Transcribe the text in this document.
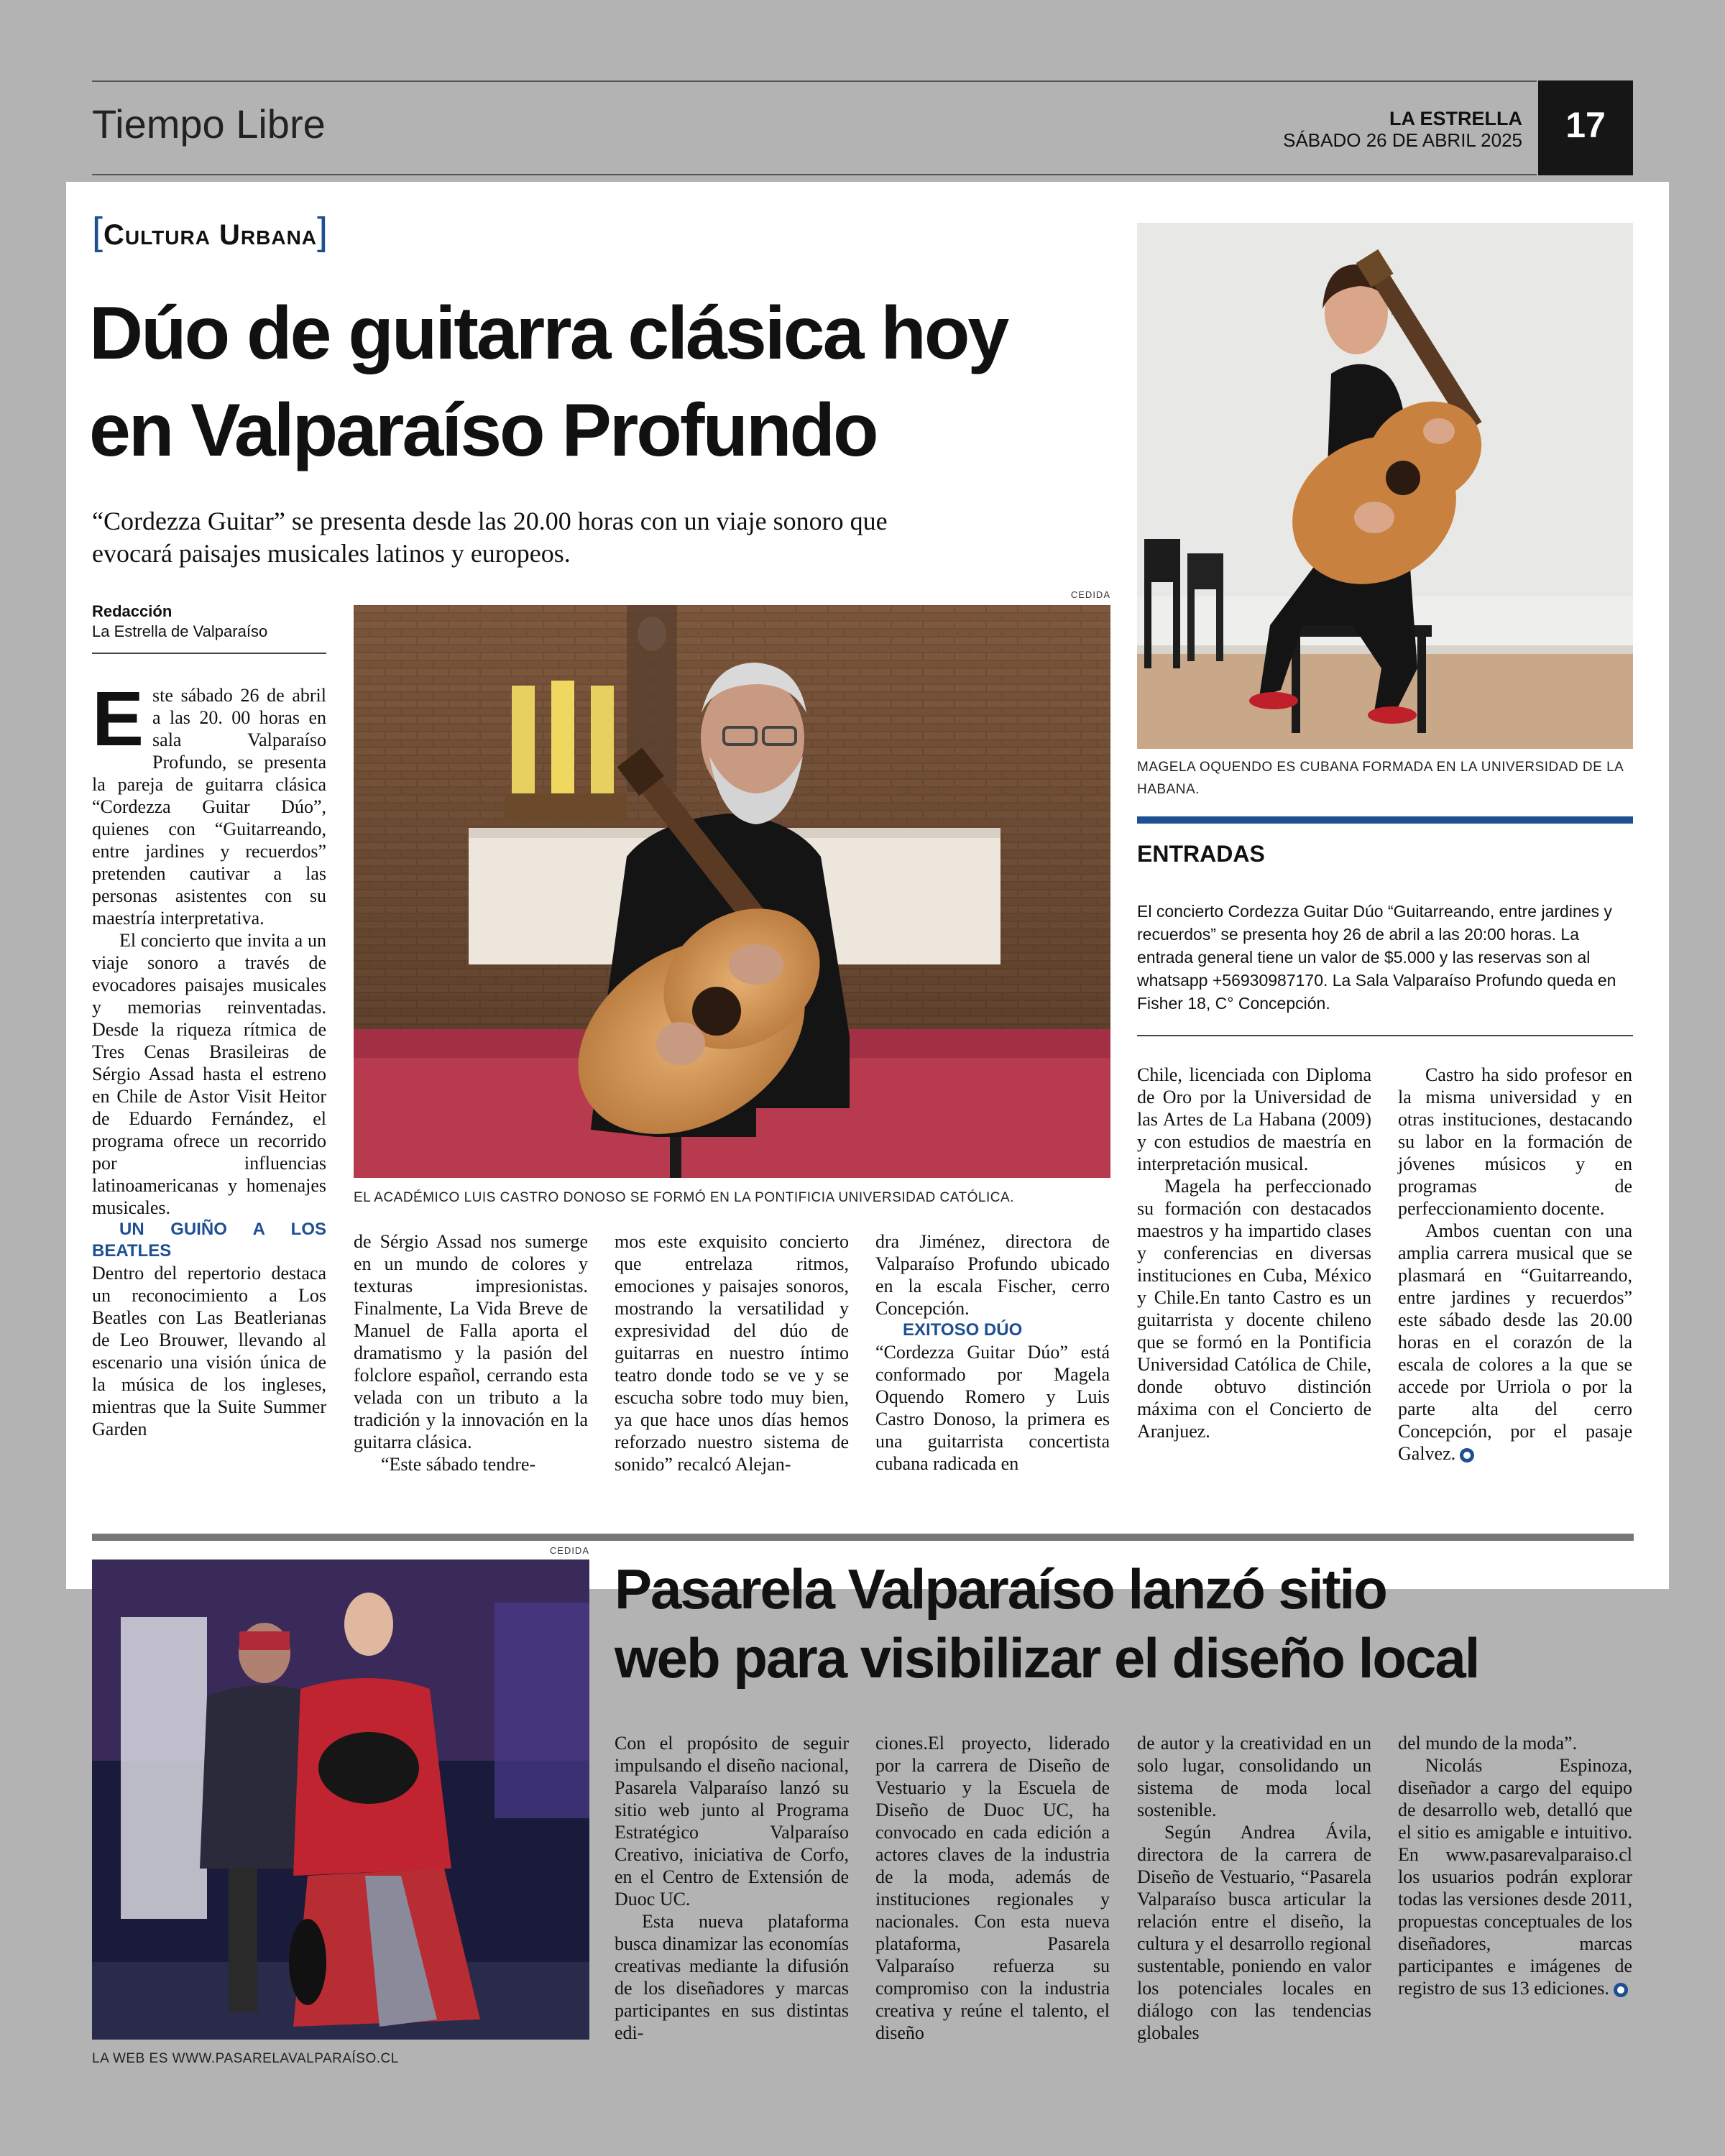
Tiempo Libre	LA ESTRELLA
SÁBADO 26 DE ABRIL 2025	17
[Cultura Urbana]
Dúo de guitarra clásica hoy
en Valparaíso Profundo
“Cordezza Guitar” se presenta desde las 20.00 horas con un viaje sonoro que
evocará paisajes musicales latinos y europeos.
Redacción
La Estrella de Valparaíso
CEDIDA
EL ACADÉMICO LUIS CASTRO DONOSO SE FORMÓ EN LA PONTIFICIA UNIVERSIDAD CATÓLICA.
MAGELA OQUENDO ES CUBANA FORMADA EN LA UNIVERSIDAD DE LA HABANA.
ENTRADAS
El concierto Cordezza Guitar Dúo “Guitarreando, entre jardines y recuerdos” se presenta hoy 26 de abril a las 20:00 horas. La entrada general tiene un valor de $5.000 y las reservas son al whatsapp +56930987170. La Sala Valparaíso Profundo queda en Fisher 18, C° Concepción.

Este sábado 26 de abril a las 20. 00 horas en sala Valparaíso Profundo, se presenta la pareja de guitarra clásica “Cordezza Guitar Dúo”, quienes con “Guitarreando, entre jardines y recuerdos” pretenden cautivar a las personas asistentes con su maestría interpretativa.

El concierto que invita a un viaje sonoro a través de evocadores paisajes musicales y memorias reinventadas. Desde la riqueza rítmica de Tres Cenas Brasileiras de Sérgio Assad hasta el estreno en Chile de Astor Visit Heitor de Eduardo Fernández, el programa ofrece un recorrido por influencias latinoamericanas y homenajes musicales.

UN GUIÑO A LOS BEATLES

Dentro del repertorio destaca un reconocimiento a Los Beatles con Las Beatlerianas de Leo Brouwer, llevando al escenario una visión única de la música de los ingleses, mientras que la Suite Summer Garden

de Sérgio Assad nos sumerge en un mundo de colores y texturas impresionistas. Finalmente, La Vida Breve de Manuel de Falla aporta el dramatismo y la pasión del folclore español, cerrando esta velada con un tributo a la tradición y la innovación en la guitarra clásica.

“Este sábado tendre-

mos este exquisito concierto que entrelaza ritmos, emociones y paisajes sonoros, mostrando la versatilidad y expresividad del dúo de guitarras en nuestro íntimo teatro donde todo se ve y se escucha sobre todo muy bien, ya que hace unos días hemos reforzado nuestro sistema de sonido” recalcó Alejan-

dra Jiménez, directora de Valparaíso Profundo ubicado en la escala Fischer, cerro Concepción.

EXITOSO DÚO

“Cordezza Guitar Dúo” está conformado por Magela Oquendo Romero y Luis Castro Donoso, la primera es una guitarrista concertista cubana radicada en

Chile, licenciada con Diploma de Oro por la Universidad de las Artes de La Habana (2009) y con estudios de maestría en interpretación musical.

Magela ha perfeccionado su formación con destacados maestros y ha impartido clases y conferencias en diversas instituciones en Cuba, México y Chile.En tanto Castro es un guitarrista y docente chileno que se formó en la Pontificia Universidad Católica de Chile, donde obtuvo distinción máxima con el Concierto de Aranjuez.

Castro ha sido profesor en la misma universidad y en otras instituciones, destacando su labor en la formación de jóvenes músicos y en programas de perfeccionamiento docente.

Ambos cuentan con una amplia carrera musical que se plasmará en “Guitarreando, entre jardines y recuerdos” este sábado desde las 20.00 horas en el corazón de la escala de colores a la que se accede por Urriola o por la parte alta del cerro Concepción, por el pasaje Galvez.

CEDIDA
LA WEB ES WWW.PASARELAVALPARAÍSO.CL
Pasarela Valparaíso lanzó sitio
web para visibilizar el diseño local

Con el propósito de seguir impulsando el diseño nacional, Pasarela Valparaíso lanzó su sitio web junto al Programa Estratégico Valparaíso Creativo, iniciativa de Corfo, en el Centro de Extensión de Duoc UC.

Esta nueva plataforma busca dinamizar las economías creativas mediante la difusión de los diseñadores y marcas participantes en sus distintas edi-

ciones.El proyecto, liderado por la carrera de Diseño de Vestuario y la Escuela de Diseño de Duoc UC, ha convocado en cada edición a actores claves de la industria de la moda, además de instituciones regionales y nacionales. Con esta nueva plataforma, Pasarela Valparaíso refuerza su compromiso con la industria creativa y reúne el talento, el diseño

de autor y la creatividad en un solo lugar, consolidando un sistema de moda local sostenible.

Según Andrea Ávila, directora de la carrera de Diseño de Vestuario, “Pasarela Valparaíso busca articular la relación entre el diseño, la cultura y el desarrollo regional sustentable, poniendo en valor los potenciales locales en diálogo con las tendencias globales

del mundo de la moda”.

Nicolás Espinoza, diseñador a cargo del equipo de desarrollo web, detalló que el sitio es amigable e intuitivo. En www.pasarevalparaiso.cl los usuarios podrán explorar todas las versiones desde 2011, propuestas conceptuales de los diseñadores, marcas participantes e imágenes de registro de sus 13 ediciones.
